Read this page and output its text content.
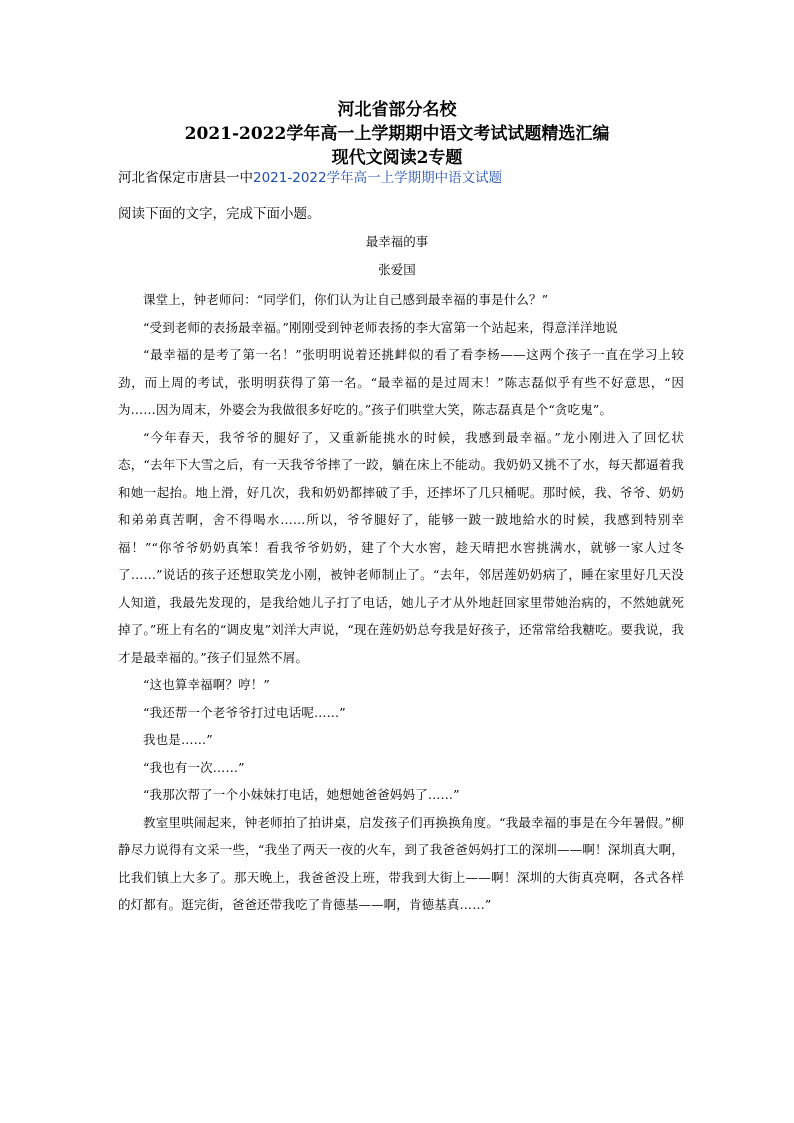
河北省部分名校
2021-2022学年高一上学期期中语文考试试题精选汇编
现代文阅读2专题
河北省保定市唐县一中2021-2022学年高一上学期期中语文试题
阅读下面的文字，完成下面小题。
最幸福的事
张爱国

课堂上，钟老师问：“同学们，你们认为让自己感到最幸福的事是什么？”

“受到老师的表扬最幸福。”刚刚受到钟老师表扬的李大富第一个站起来，得意洋洋地说

“最幸福的是考了第一名！”张明明说着还挑衅似的看了看李杨——这两个孩子一直在学习上较劲，而上周的考试，张明明获得了第一名。“最幸福的是过周末！”陈志磊似乎有些不好意思，“因为……因为周末，外婆会为我做很多好吃的。”孩子们哄堂大笑，陈志磊真是个“贪吃鬼”。

“今年春天，我爷爷的腿好了，又重新能挑水的时候，我感到最幸福。”龙小刚进入了回忆状态，“去年下大雪之后，有一天我爷爷摔了一跤，躺在床上不能动。我奶奶又挑不了水，每天都逼着我和她一起抬。地上滑，好几次，我和奶奶都摔破了手，还摔坏了几只桶呢。那时候，我、爷爷、奶奶和弟弟真苦啊，舍不得喝水……所以，爷爷腿好了，能够一跛一跛地給水的时候，我感到特别幸福！”“你爷爷奶奶真笨！看我爷爷奶奶，建了个大水窖，趁天晴把水窖挑满水，就够一家人过冬了……”说话的孩子还想取笑龙小刚，被钟老师制止了。“去年，邻居莲奶奶病了，睡在家里好几天没人知道，我最先发现的，是我给她儿子打了电话，她儿子才从外地赶回家里带她治病的，不然她就死掉了。”班上有名的“调皮鬼”刘洋大声说，“现在莲奶奶总夸我是好孩子，还常常给我糖吃。要我说，我才是最幸福的。”孩子们显然不屑。

“这也算幸福啊？哼！”

“我还帮一个老爷爷打过电话呢……”

我也是……”

“我也有一次……”

“我那次帮了一个小妹妹打电话，她想她爸爸妈妈了……”

教室里哄闹起来，钟老师拍了拍讲桌，启发孩子们再换换角度。“我最幸福的事是在今年暑假。”柳静尽力说得有文采一些，“我坐了两天一夜的火车，到了我爸爸妈妈打工的深圳——啊！深圳真大啊，比我们镇上大多了。那天晚上，我爸爸没上班，带我到大街上——啊！深圳的大街真亮啊，各式各样的灯都有。逛完街，爸爸还带我吃了肯德基——啊，肯德基真……”
